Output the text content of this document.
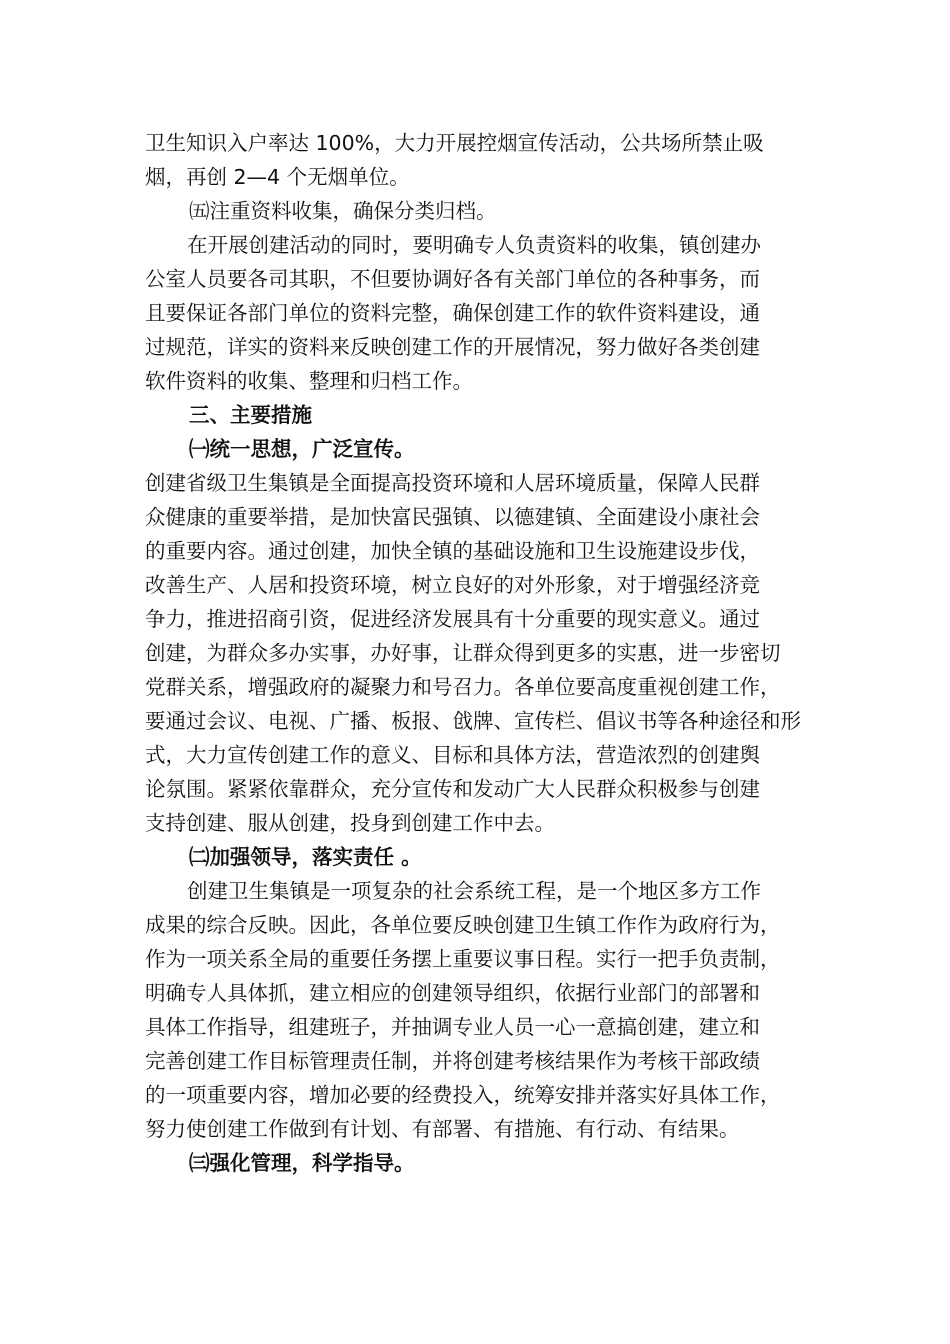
卫生知识入户率达 100%，大力开展控烟宣传活动，公共场所禁止吸
烟，再创 2—4 个无烟单位。
㈤注重资料收集，确保分类归档。
在开展创建活动的同时，要明确专人负责资料的收集，镇创建办
公室人员要各司其职，不但要协调好各有关部门单位的各种事务，而
且要保证各部门单位的资料完整，确保创建工作的软件资料建设，通
过规范，详实的资料来反映创建工作的开展情况，努力做好各类创建
软件资料的收集、整理和归档工作。
三、主要措施
㈠统一思想，广泛宣传。
创建省级卫生集镇是全面提高投资环境和人居环境质量，保障人民群
众健康的重要举措，是加快富民强镇、以德建镇、全面建设小康社会
的重要内容。通过创建，加快全镇的基础设施和卫生设施建设步伐，
改善生产、人居和投资环境，树立良好的对外形象，对于增强经济竞
争力，推进招商引资，促进经济发展具有十分重要的现实意义。通过
创建，为群众多办实事，办好事，让群众得到更多的实惠，进一步密切
党群关系，增强政府的凝聚力和号召力。各单位要高度重视创建工作，
要通过会议、电视、广播、板报、戗牌、宣传栏、倡议书等各种途径和形
式，大力宣传创建工作的意义、目标和具体方法，营造浓烈的创建舆
论氛围。紧紧依靠群众，充分宣传和发动广大人民群众积极参与创建
支持创建、服从创建，投身到创建工作中去。
㈡加强领导，落实责任 。
创建卫生集镇是一项复杂的社会系统工程，是一个地区多方工作
成果的综合反映。因此，各单位要反映创建卫生镇工作作为政府行为，
作为一项关系全局的重要任务摆上重要议事日程。实行一把手负责制，
明确专人具体抓，建立相应的创建领导组织，依据行业部门的部署和
具体工作指导，组建班子，并抽调专业人员一心一意搞创建，建立和
完善创建工作目标管理责任制，并将创建考核结果作为考核干部政绩
的一项重要内容，增加必要的经费投入，统筹安排并落实好具体工作，
努力使创建工作做到有计划、有部署、有措施、有行动、有结果。
㈢强化管理，科学指导。
